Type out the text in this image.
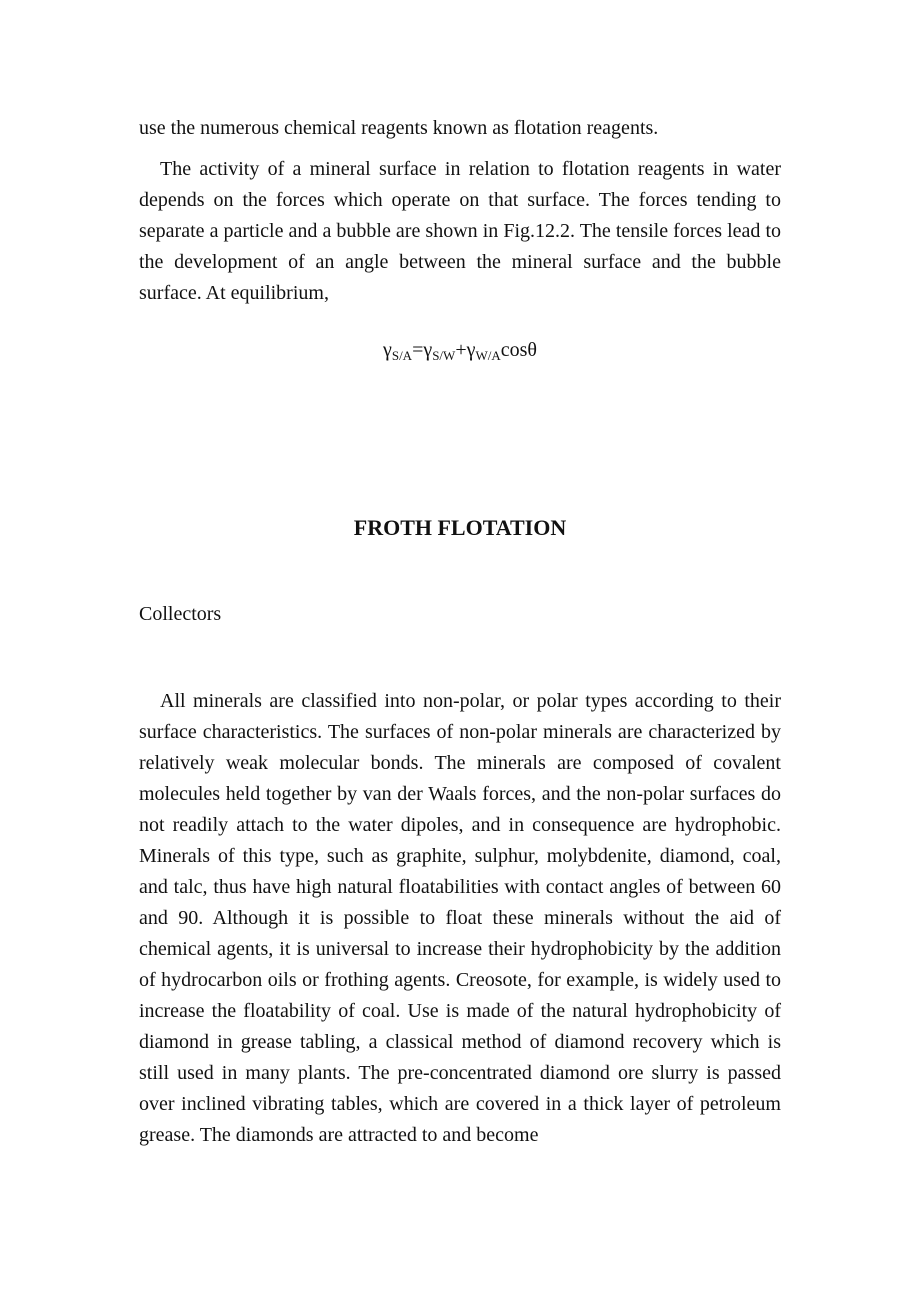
use the numerous chemical reagents known as flotation reagents.

The activity of a mineral surface in relation to flotation reagents in water depends on the forces which operate on that surface. The forces tending to separate a particle and a bubble are shown in Fig.12.2. The tensile forces lead to the development of an angle between the mineral surface and the bubble surface. At equilibrium,

$\gamma_{S/A}=\gamma_{S/W}+\gamma_{W/A}\cos\theta$
FROTH FLOTATION
Collectors

All minerals are classified into non-polar, or polar types according to their surface characteristics. The surfaces of non-polar minerals are characterized by relatively weak molecular bonds. The minerals are composed of covalent molecules held together by van der Waals forces, and the non-polar surfaces do not readily attach to the water dipoles, and in consequence are hydrophobic. Minerals of this type, such as graphite, sulphur, molybdenite, diamond, coal, and talc, thus have high natural floatabilities with contact angles of between 60 and 90. Although it is possible to float these minerals without the aid of chemical agents, it is universal to increase their hydrophobicity by the addition of hydrocarbon oils or frothing agents. Creosote, for example, is widely used to increase the floatability of coal. Use is made of the natural hydrophobicity of diamond in grease tabling, a classical method of diamond recovery which is still used in many plants. The pre-concentrated diamond ore slurry is passed over inclined vibrating tables, which are covered in a thick layer of petroleum grease. The diamonds are attracted to and become
